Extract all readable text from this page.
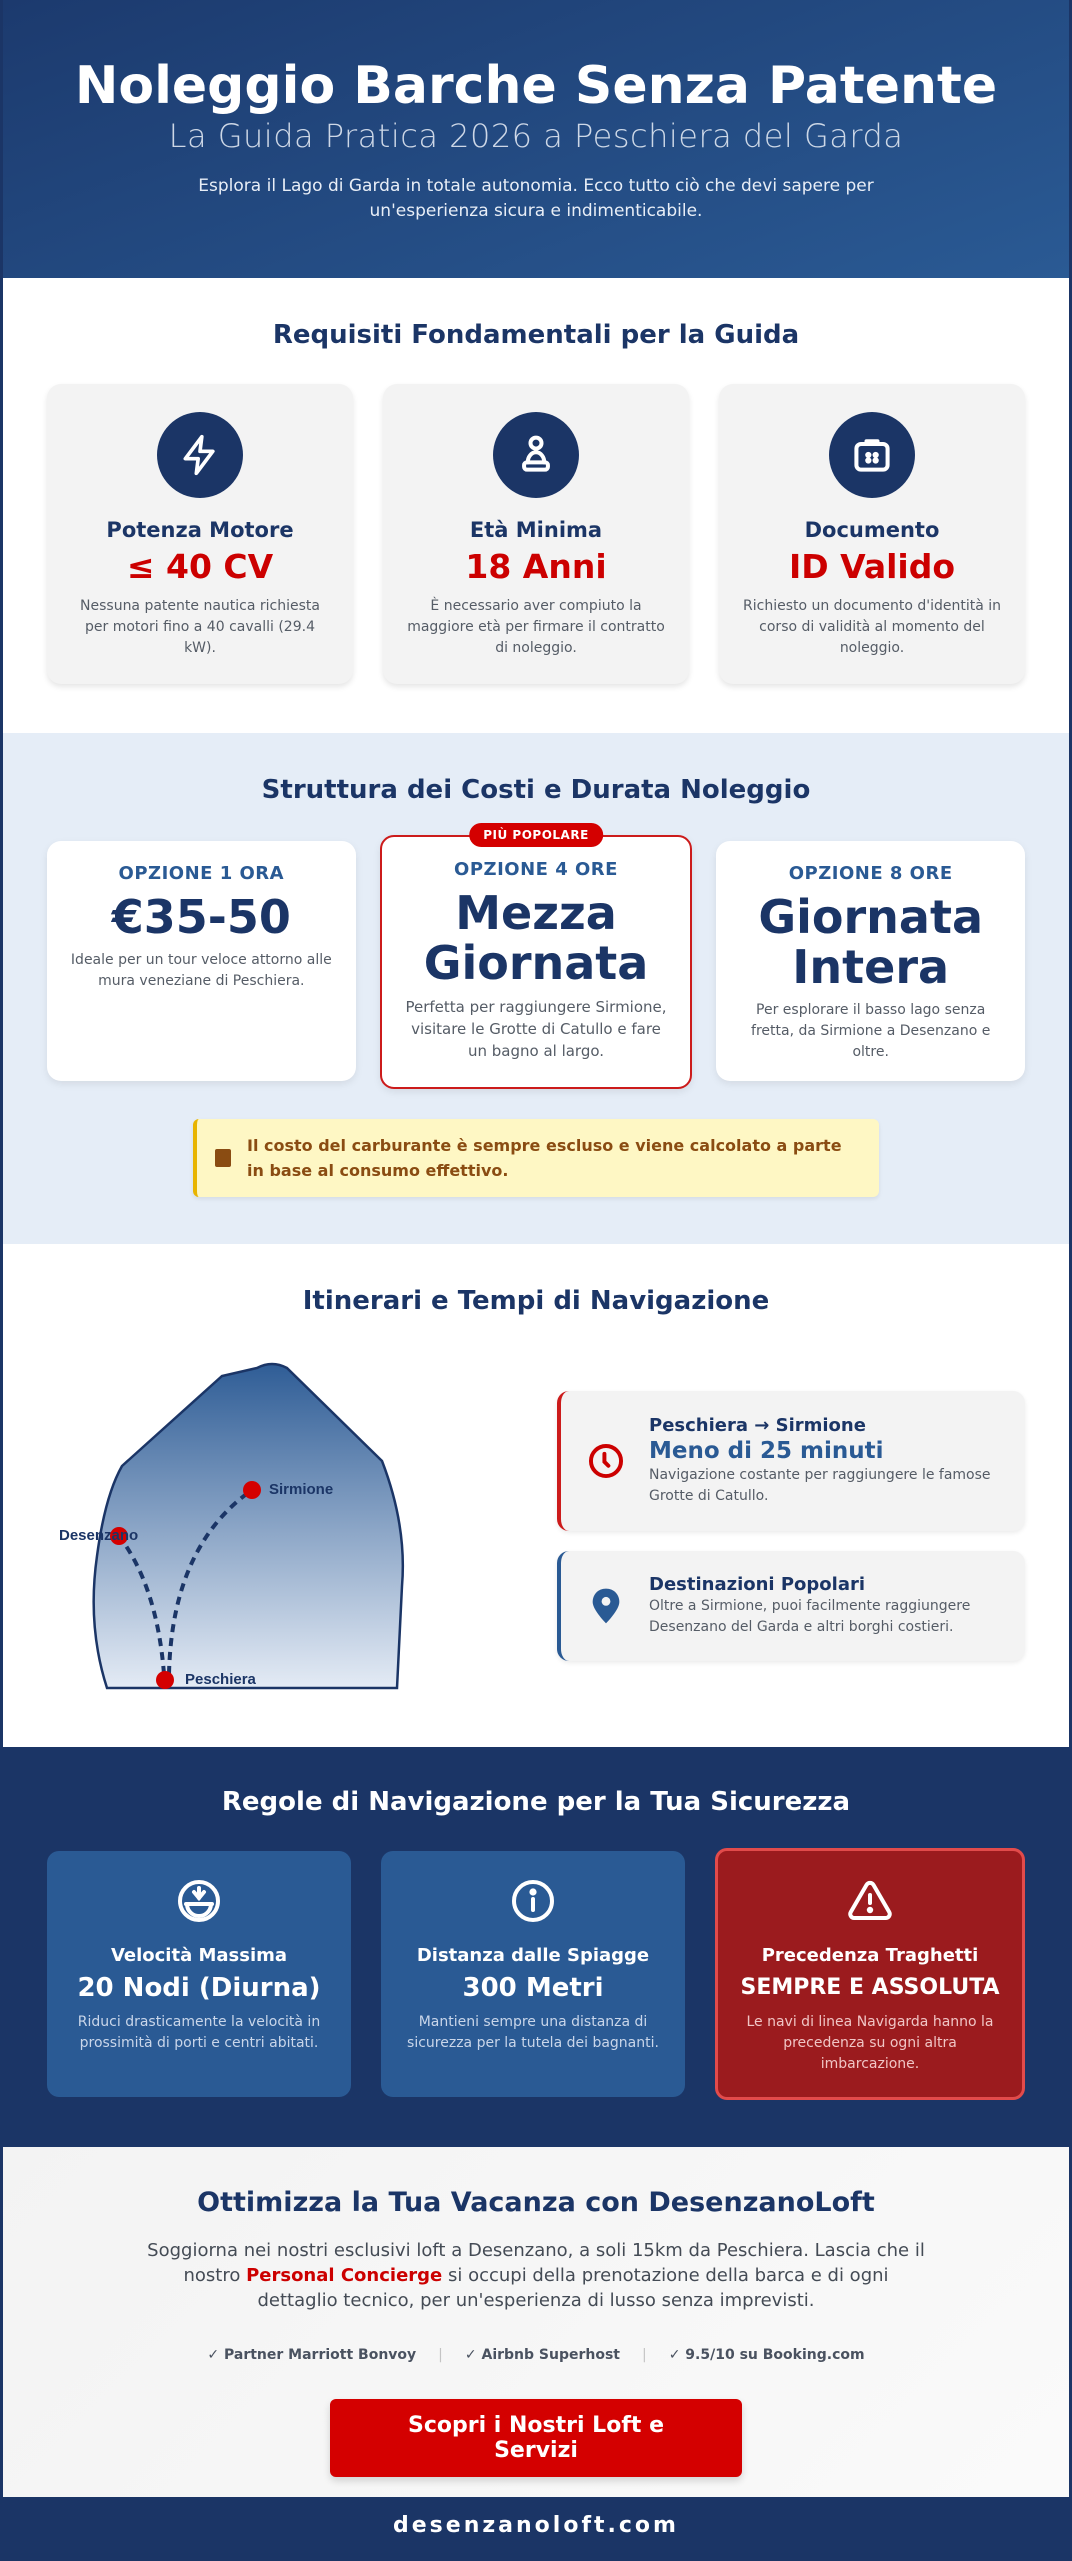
Noleggio Barche Senza Patente
La Guida Pratica 2026 a Peschiera del Garda

Esplora il Lago di Garda in totale autonomia. Ecco tutto ciò che devi sapere per un'esperienza sicura e indimenticabile.

Requisiti Fondamentali per la Guida
Potenza Motore
≤ 40 CV

Nessuna patente nautica richiesta per motori fino a 40 cavalli (29.4 kW).

Età Minima
18 Anni

È necessario aver compiuto la maggiore età per firmare il contratto di noleggio.

Documento
ID Valido

Richiesto un documento d'identità in corso di validità al momento del noleggio.

Struttura dei Costi e Durata Noleggio
OPZIONE 1 ORA
€35-50

Ideale per un tour veloce attorno alle mura veneziane di Peschiera.

PIÙ POPOLARE
OPZIONE 4 ORE
Mezza Giornata

Perfetta per raggiungere Sirmione, visitare le Grotte di Catullo e fare un bagno al largo.

OPZIONE 8 ORE
Giornata Intera

Per esplorare il basso lago senza fretta, da Sirmione a Desenzano e oltre.

Il costo del carburante è sempre escluso e viene calcolato a parte in base al consumo effettivo.
Itinerari e Tempi di Navigazione
Sirmione
Desenzano
Peschiera
Peschiera → Sirmione
Meno di 25 minuti

Navigazione costante per raggiungere le famose Grotte di Catullo.

Destinazioni Popolari

Oltre a Sirmione, puoi facilmente raggiungere Desenzano del Garda e altri borghi costieri.

Regole di Navigazione per la Tua Sicurezza
Velocità Massima
20 Nodi (Diurna)

Riduci drasticamente la velocità in prossimità di porti e centri abitati.

Distanza dalle Spiagge
300 Metri

Mantieni sempre una distanza di sicurezza per la tutela dei bagnanti.

Precedenza Traghetti
SEMPRE E ASSOLUTA

Le navi di linea Navigarda hanno la precedenza su ogni altra imbarcazione.

Ottimizza la Tua Vacanza con DesenzanoLoft

Soggiorna nei nostri esclusivi loft a Desenzano, a soli 15km da Peschiera. Lascia che il nostro Personal Concierge si occupi della prenotazione della barca e di ogni dettaglio tecnico, per un'esperienza di lusso senza imprevisti.

✓ Partner Marriott Bonvoy | ✓ Airbnb Superhost | ✓ 9.5/10 su Booking.com
Scopri i Nostri Loft e Servizi
desenzanoloft.com
